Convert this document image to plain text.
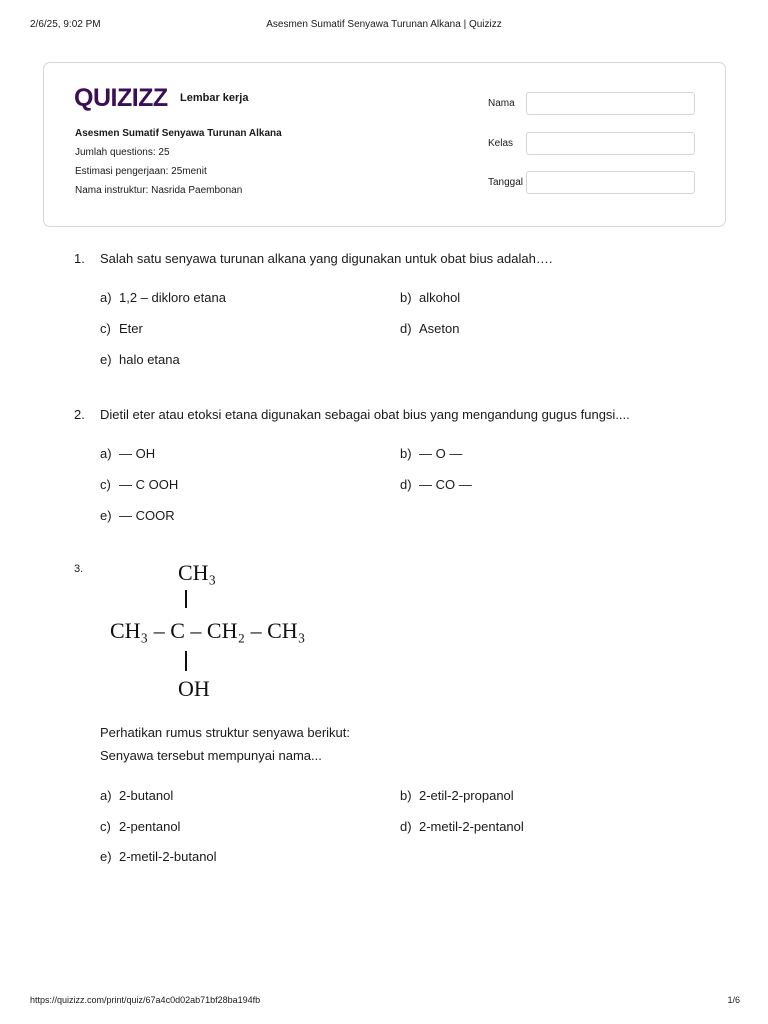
2/6/25, 9:02 PM	Asesmen Sumatif Senyawa Turunan Alkana | Quizizz
QUIZIZZ Lembar kerja
Asesmen Sumatif Senyawa Turunan Alkana
Jumlah questions: 25
Estimasi pengerjaan: 25menit
Nama instruktur: Nasrida Paembonan
Nama
Kelas
Tanggal
1. Salah satu senyawa turunan alkana yang digunakan untuk obat bius adalah….
a) 1,2 – dikloro etana	b) alkohol
c) Eter	d) Aseton
e) halo etana
2. Dietil eter atau etoksi etana digunakan sebagai obat bius yang mengandung gugus fungsi....
a) — OH	b) — O —
c) — C OOH	d) — CO —
e) — COOR
3.	CH₃
CH₃ – C – CH₂ – CH₃
OH
Perhatikan rumus struktur senyawa berikut:
Senyawa tersebut mempunyai nama...
a) 2-butanol	b) 2-etil-2-propanol
c) 2-pentanol	d) 2-metil-2-pentanol
e) 2-metil-2-butanol
https://quizizz.com/print/quiz/67a4c0d02ab71bf28ba194fb	1/6
